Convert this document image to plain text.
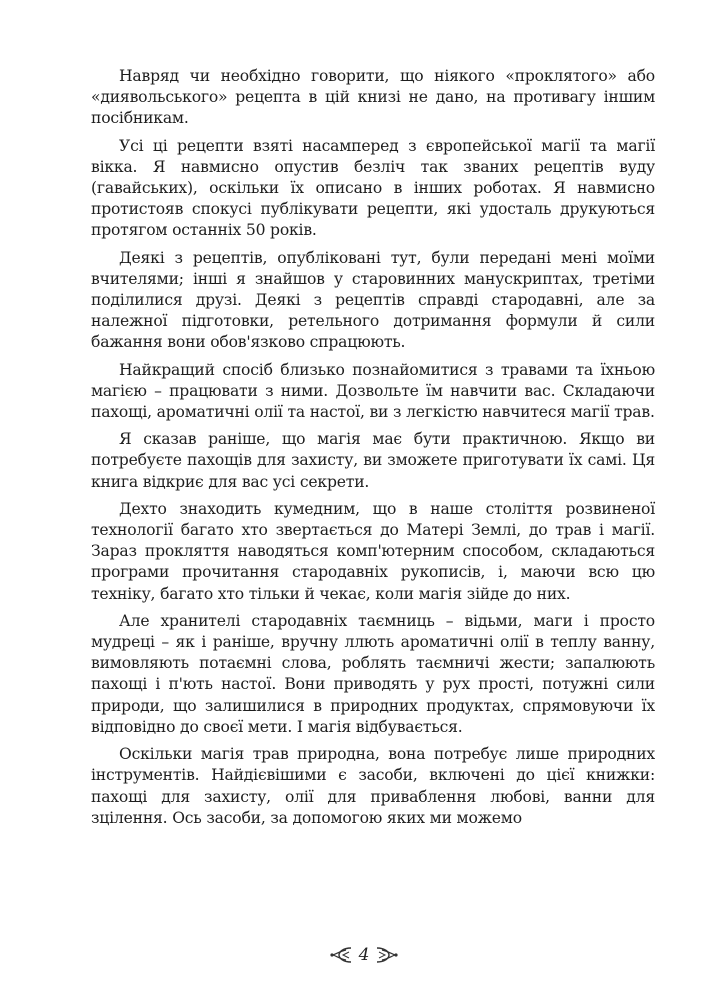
Навряд чи необхідно говорити, що ніякого «проклятого» або «диявольського» рецепта в цій книзі не дано, на противагу іншим посібникам.

Усі ці рецепти взяті насамперед з європейської магії та магії вікка. Я навмисно опустив безліч так званих рецептів вуду (гавайських), оскільки їх описано в інших роботах. Я навмисно протистояв спокусі публікувати рецепти, які удосталь друкуються протягом останніх 50 років.

Деякі з рецептів, опубліковані тут, були передані мені моїми вчителями; інші я знайшов у старовинних манускриптах, третіми поділилися друзі. Деякі з рецептів справді стародавні, але за належної підготовки, ретельного дотримання формули й сили бажання вони обов'язково спрацюють.

Найкращий спосіб близько познайомитися з травами та їхньою магією – працювати з ними. Дозвольте їм навчити вас. Складаючи пахощі, ароматичні олії та настої, ви з легкістю навчитеся магії трав.

Я сказав раніше, що магія має бути практичною. Якщо ви потребуєте пахощів для захисту, ви зможете приготувати їх самі. Ця книга відкриє для вас усі секрети.

Дехто знаходить кумедним, що в наше століття розвиненої технології багато хто звертається до Матері Землі, до трав і магії. Зараз прокляття наводяться комп'ютерним способом, складаються програми прочитання стародавніх рукописів, і, маючи всю цю техніку, багато хто тільки й чекає, коли магія зійде до них.

Але хранителі стародавніх таємниць – відьми, маги і просто мудреці – як і раніше, вручну ллють ароматичні олії в теплу ванну, вимовляють потаємні слова, роблять таємничі жести; запалюють пахощі і п'ють настої. Вони приводять у рух прості, потужні сили природи, що залишилися в природних продуктах, спрямовуючи їх відповідно до своєї мети. І магія відбувається.

Оскільки магія трав природна, вона потребує лише природних інструментів. Найдієвішими є засоби, включені до цієї книжки: пахощі для захисту, олії для приваблення любові, ванни для зцілення. Ось засоби, за допомогою яких ми можемо

4
